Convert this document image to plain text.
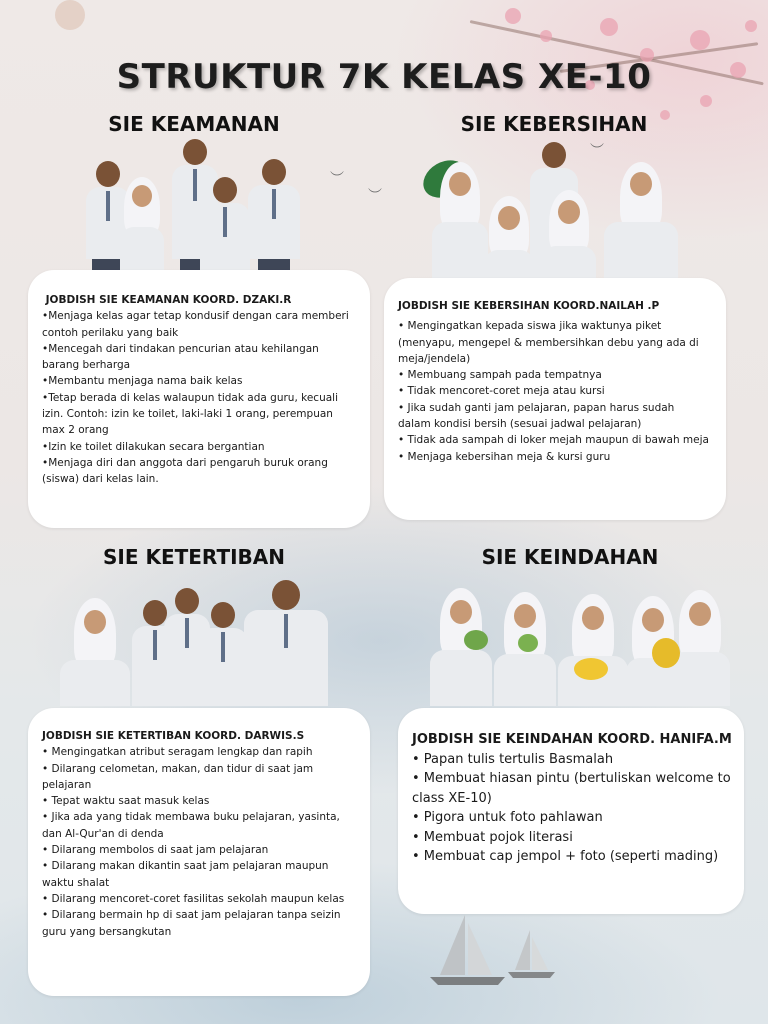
︶
︶
︶
STRUKTUR 7K KELAS XE-10
SIE KEAMANAN
JOBDISH SIE KEAMANAN KOORD. DZAKI.R
•Menjaga kelas agar tetap kondusif dengan cara memberi contoh perilaku yang baik
•Mencegah dari tindakan pencurian atau kehilangan barang berharga
•Membantu menjaga nama baik kelas
•Tetap berada di kelas walaupun tidak ada guru, kecuali izin. Contoh: izin ke toilet, laki-laki 1 orang, perempuan max 2 orang
•Izin ke toilet dilakukan secara bergantian
•Menjaga diri dan anggota dari pengaruh buruk orang (siswa) dari kelas lain.
SIE KEBERSIHAN
JOBDISH SIE KEBERSIHAN KOORD.NAILAH .P
• Mengingatkan kepada siswa jika waktunya piket (menyapu, mengepel & membersihkan debu yang ada di meja/jendela)
• Membuang sampah pada tempatnya
• Tidak mencoret-coret meja atau kursi
• Jika sudah ganti jam pelajaran, papan harus sudah dalam kondisi bersih (sesuai jadwal pelajaran)
• Tidak ada sampah di loker mejah maupun di bawah meja
• Menjaga kebersihan meja & kursi guru
SIE KETERTIBAN
JOBDISH SIE KETERTIBAN KOORD. DARWIS.S
• Mengingatkan atribut seragam lengkap dan rapih
• Dilarang celometan, makan, dan tidur di saat jam pelajaran
• Tepat waktu saat masuk kelas
• Jika ada yang tidak membawa buku pelajaran, yasinta, dan Al-Qur'an di denda
• Dilarang membolos di saat jam pelajaran
• Dilarang makan dikantin saat jam pelajaran maupun waktu shalat
• Dilarang mencoret-coret fasilitas sekolah maupun kelas
• Dilarang bermain hp di saat jam pelajaran tanpa seizin guru yang bersangkutan
SIE KEINDAHAN
JOBDISH SIE KEINDAHAN KOORD. HANIFA.M
• Papan tulis tertulis Basmalah
• Membuat hiasan pintu (bertuliskan welcome to class XE-10)
• Pigora untuk foto pahlawan
• Membuat pojok literasi
• Membuat cap jempol + foto (seperti mading)
